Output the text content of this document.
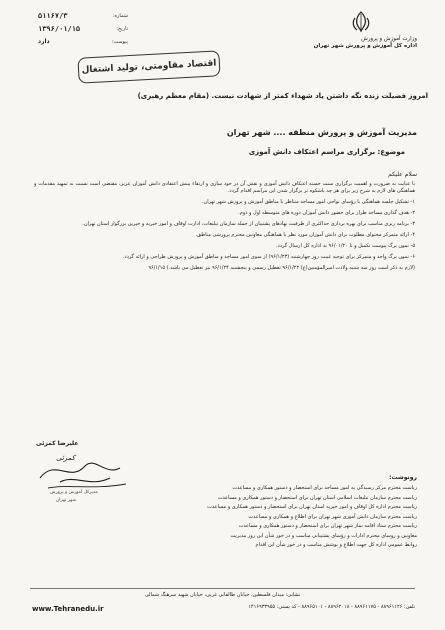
۵۱۱۶۷/۳	شماره:
۱۳۹۶/۰۱/۱۵	تاریخ:
دارد	پیوست:	وزارت آموزش و پرورش
اداره کل آموزش و پرورش شهر تهران
اقتصاد مقاومتی، تولید اشتغال
امروز فضیلت زنده نگه داشتن یاد شهداء کمتر از شهادت نیست. (مقام معظم رهبری)
مدیریت آموزش و پرورش منطقه .... شهر تهران
موضوع: برگزاری مراسم اعتکاف دانش آموزی
سلام علیکم

با عنایت به ضرورت و اهمیت برگزاری سنت حسنه اعتکاف دانش آموزی و نقش آن در خود سازی و ارتقاء بینش اعتقادی دانش آموزان عزیز، مقتضی است نسبت به تمهید مقدمات و هماهنگی های لازم به شرح زیر برای هر چه باشکوه تر برگزار شدن این مراسم اقدام گردد.

۱- تشکیل جلسه هماهنگی با رؤسای نواحی امور مساجد متناظر با مناطق آموزش و پرورش شهر تهران.

۲- هدف گذاری مساجد طراز برای حضور دانش آموزان دوره های متوسطه اول و دوم.

۳- برنامه ریزی مناسب برای بهره برداری حداکثری از ظرفیت نهادهای پشتیبان از جمله سازمان تبلیغات، ادارت اوقاف و امور خیریه و خیرین بزرگوار استان تهران.

۴- ارائه متمرکز محتوای مطلوب برای دانش آموزان مورد نظر با هماهنگی معاونین محترم پرورشی مناطق.

۵- تمون برگ پیوست تکمیل و تا ۹۶/۰۱/۲۰ به اداره کل ارسال گردد.

۶- تمون برگ واحد و متمرکز برای توجیه غیبت روز چهارشنبه (۹۶/۱/۲۳) از سوی امور مساجد و مناطق آموزش و پرورش طراحی و ارائه گردد.

(لازم به ذکر است روز سه شنبه ولادت امیرالمؤمنین(ع) ۹۶/۱/۲۲ تعطیل رسمی و پنجشنبه ۹۶/۱/۲۴ نیز تعطیل می باشد.) ۹۶/۱/۱۵

علیرضا کمرئی
کمرئی
مدیرکل آموزش و پرورش
شهر تهران
رونوشت:
ریاست محترم مرکز رسیدگی به امور مساجد برای استحضار و دستور همکاری و مساعدت
ریاست محترم سازمان تبلیغات اسلامی استان تهران برای استحضار و دستور همکاری و مساعدت
ریاست محترم اداره کل اوقاف و امور خیریه استان تهران برای استحضار و دستور همکاری و مساعدت
ریاست محترم سازمان دانش آموزی شهر تهران برای اطلاع و همکاری و مساعدت
ریاست محترم ستاد اقامه نماز شهر تهران برای استحضار و دستور همکاری و مساعدت
معاونین و روسای محترم ادارات و رؤسای پشتیبانی مناسب و در خور شأن این روز مدیریت
روابط عمومی اداره کل جهت اطلاع و پوشش مناسب و در خور شأن این اقدام
نشانی: میدان فلسطین، خیابان طالقانی غربی، خیابان شهید سرهنگ شمالی
تلفن: ۸۸۹۶۱۱۲۶ - ۸۸۹۶۱۱۷۵ - ۸۸۹۶۲۰۱۸ - ۸۸۹۶۵۱۰۱ - کد پستی: ۱۴۱۶۹۳۳۹۵۵
www.Tehranedu.ir
